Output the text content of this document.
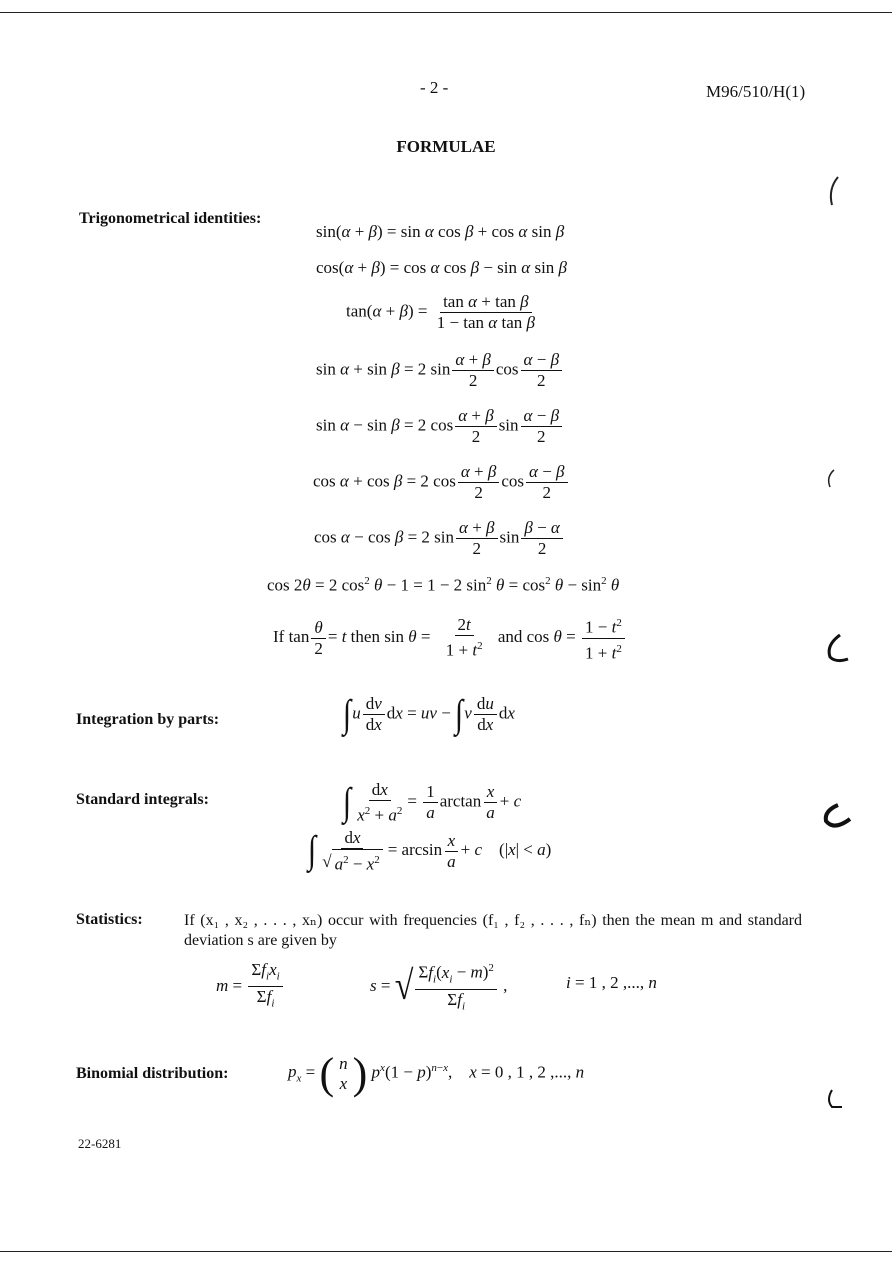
- 2 -	M96/510/H(1)
FORMULAE
Trigonometrical identities:
Integration by parts:
Standard integrals:
Statistics:
Binomial distribution:
sin(α + β) = sin α cos β + cos α sin β
cos(α + β) = cos α cos β − sin α sin β
$\tan(\alpha + \beta) = \frac{\text{tan α + tan β}}{\text{1 − tan α tan β}}$
sin α + sin β = 2 $\sin \frac{\alpha + \beta}{2}$ $\cos \frac{\alpha - \beta}{2}$
sin α − sin β = 2 $\cos \frac{\alpha + \beta}{2}$ $\sin \frac{\alpha - \beta}{2}$
cos α + cos β = 2 $\cos \frac{\alpha + \beta}{2}$ $\cos \frac{\alpha - \beta}{2}$
cos α − cos β = 2 $\sin \frac{\alpha + \beta}{2}$ $\sin \frac{\beta - \alpha}{2}$
cos 2θ = 2 $\cos^2 \theta - 1 = 1 - 2$ $\sin^2 \theta = \cos^2 \theta - \sin^2 \theta$
If $\tan \frac{\theta}{2} = t$ then $\sin \theta = \frac{2t}{1 + t^2}$ and $\cos \theta = \frac{1 - t^2}{1 + t^2}$
$\int u \frac{dv}{dx}$ dx = uv − $\int v \frac{du}{dx}$ dx
∫ $\frac{dx}{x^2 + a^2} = \frac{1}{a}$ $\arctan \frac{x}{a} + c$
∫ $\frac{dx}{√ a^2 - x^2} = \arcsin \frac{x}{a} + c$    (|x| < a)
If (x₁ , x₂ , . . . , xₙ) occur with frequencies (f₁ , f₂ , . . . , fₙ) then the mean m and standard deviation s are given by
$m = \frac{\Sigma f_ix_i}{\Sigma f_i}$	s = √ $\frac{\Sigma f_i(x_i - m)^2}{\Sigma f_i}$ ,	i = 1 , 2 ,..., n
$p_x$ = ( n
x ) $p^x(1 - p)^{n-x}$,    x = 0 , 1 , 2 ,..., n
22-6281
